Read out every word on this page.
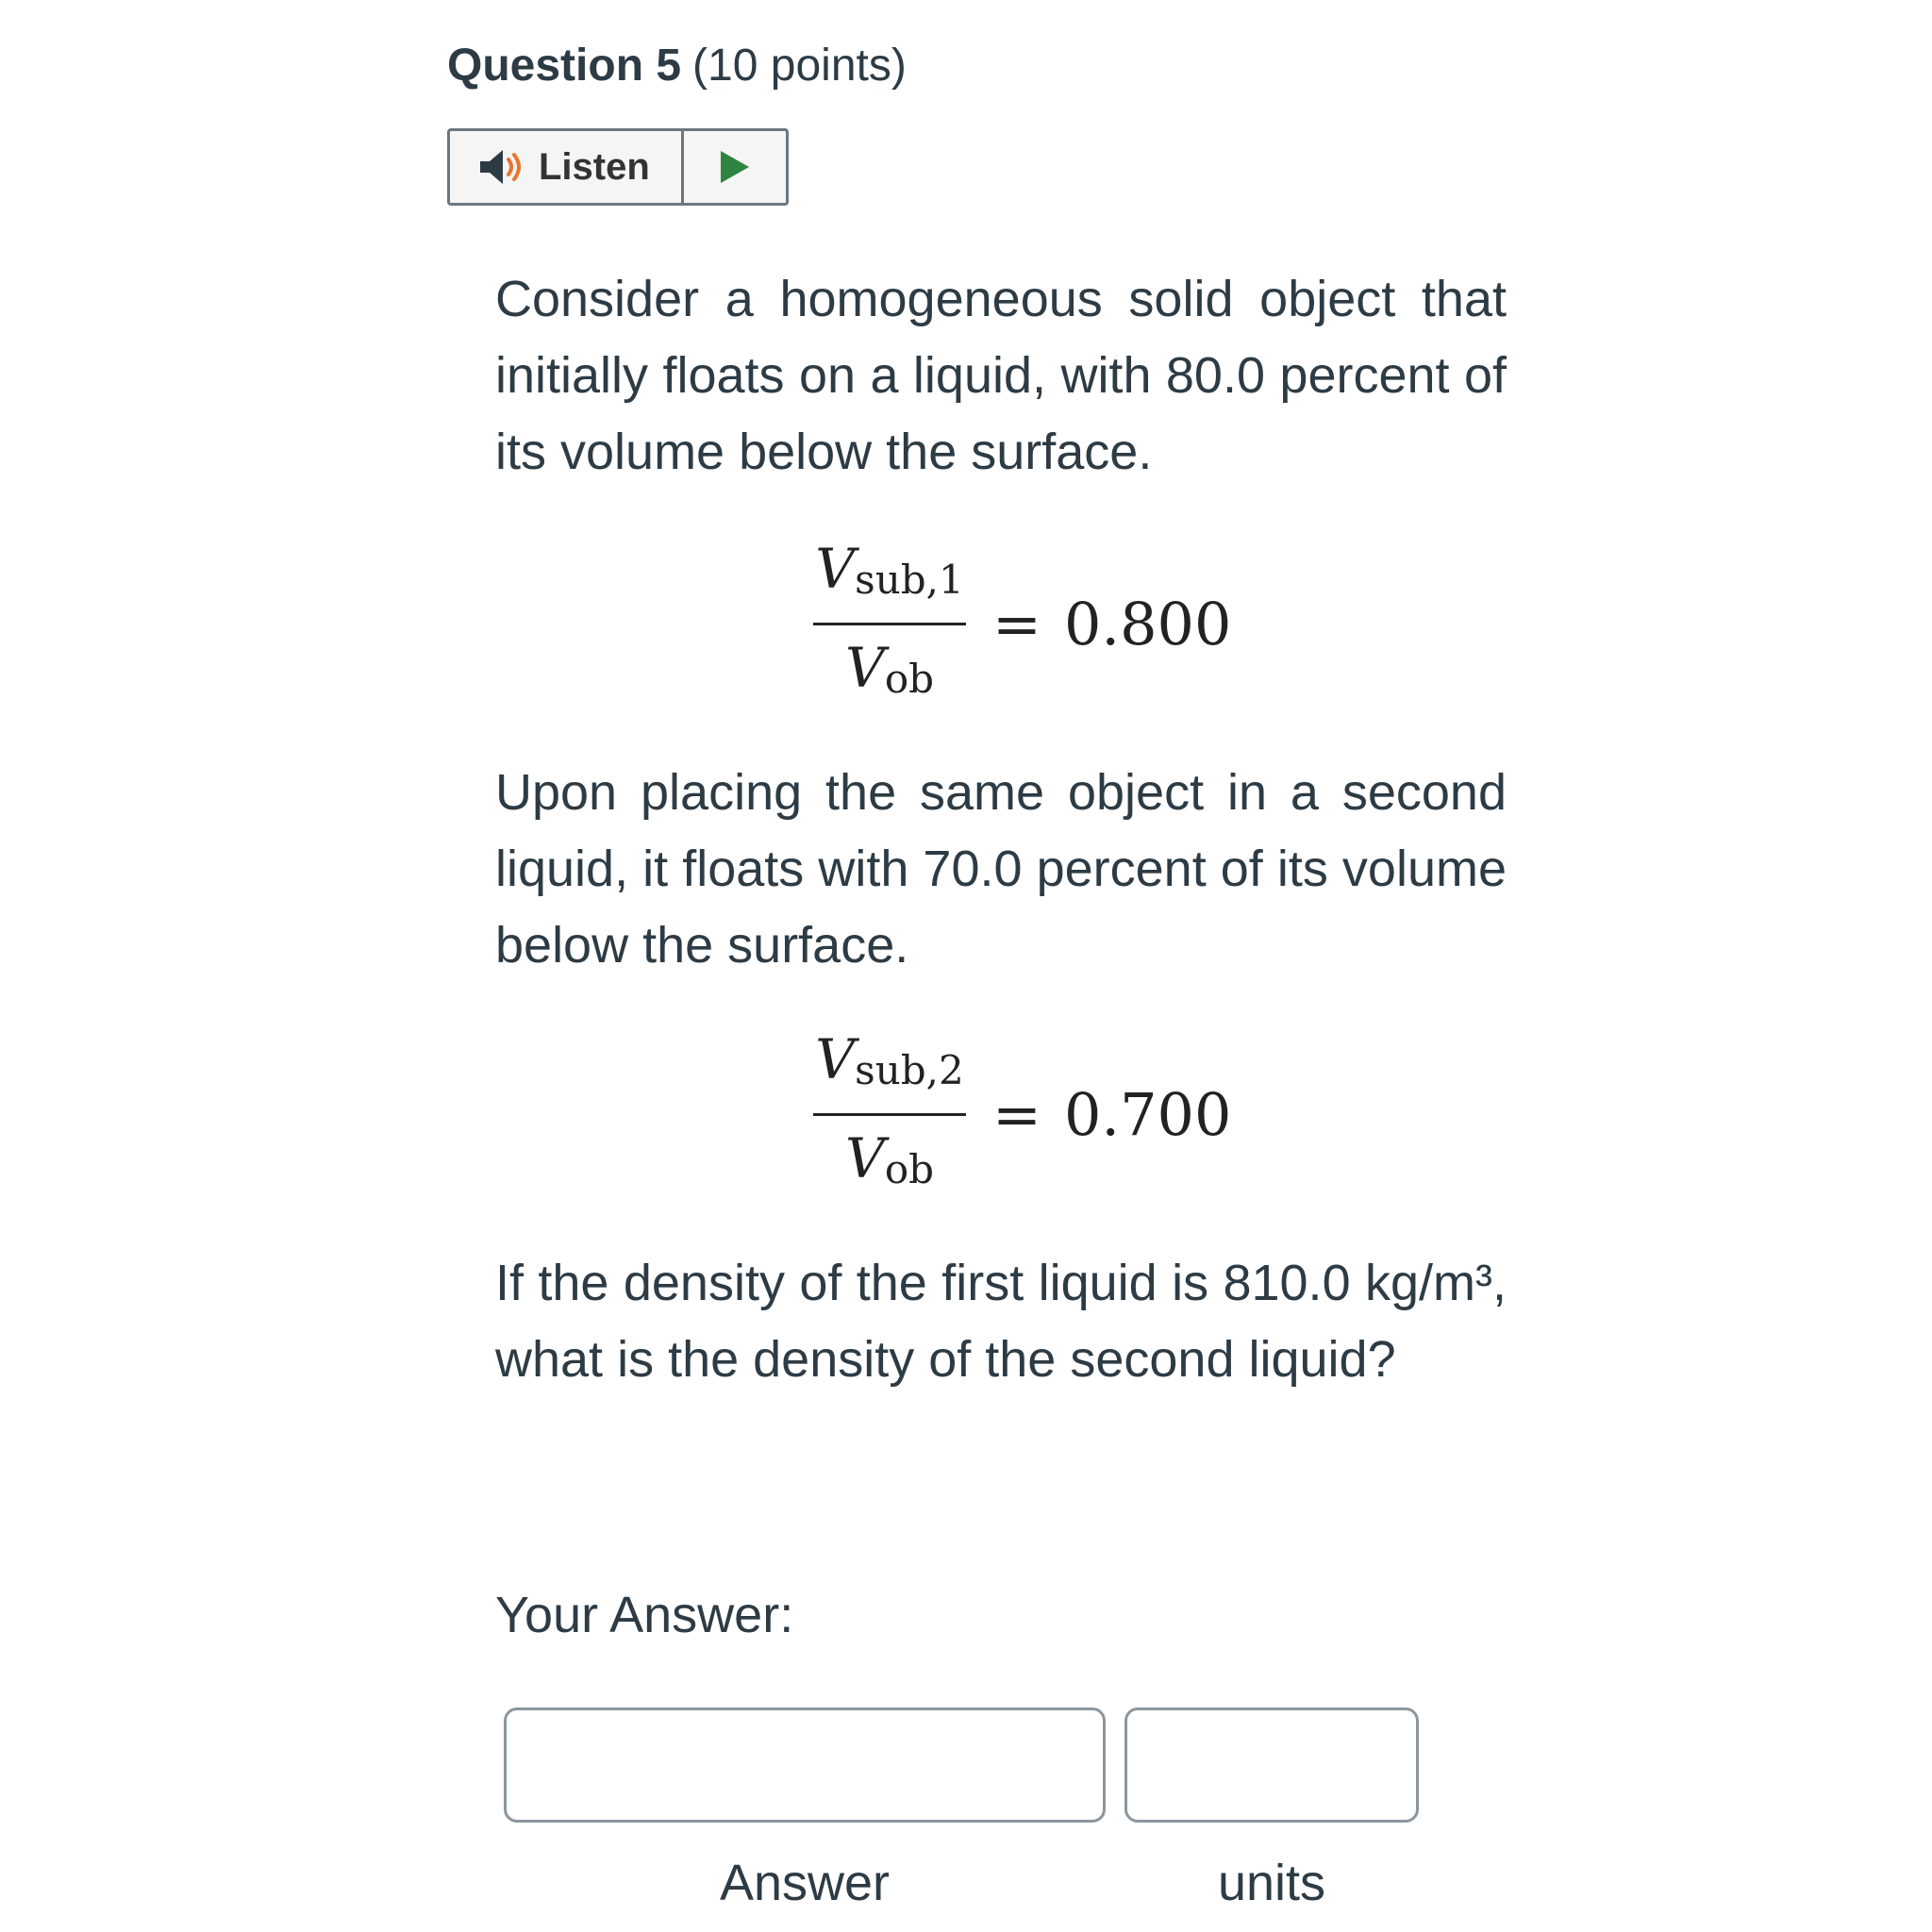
Question 5 (10 points)
Listen
Consider a homogeneous solid object that initially floats on a liquid, with 80.0 percent of its volume below the surface.
$\frac{\text{Vsub,1}}{\text{Vob}} = 0.800$
Upon placing the same object in a second liquid, it floats with 70.0 percent of its volume below the surface.
$\frac{\text{Vsub,2}}{\text{Vob}} = 0.700$
If the density of the first liquid is 810.0 kg/m³, what is the density of the second liquid?
Your Answer:
Answer	units
